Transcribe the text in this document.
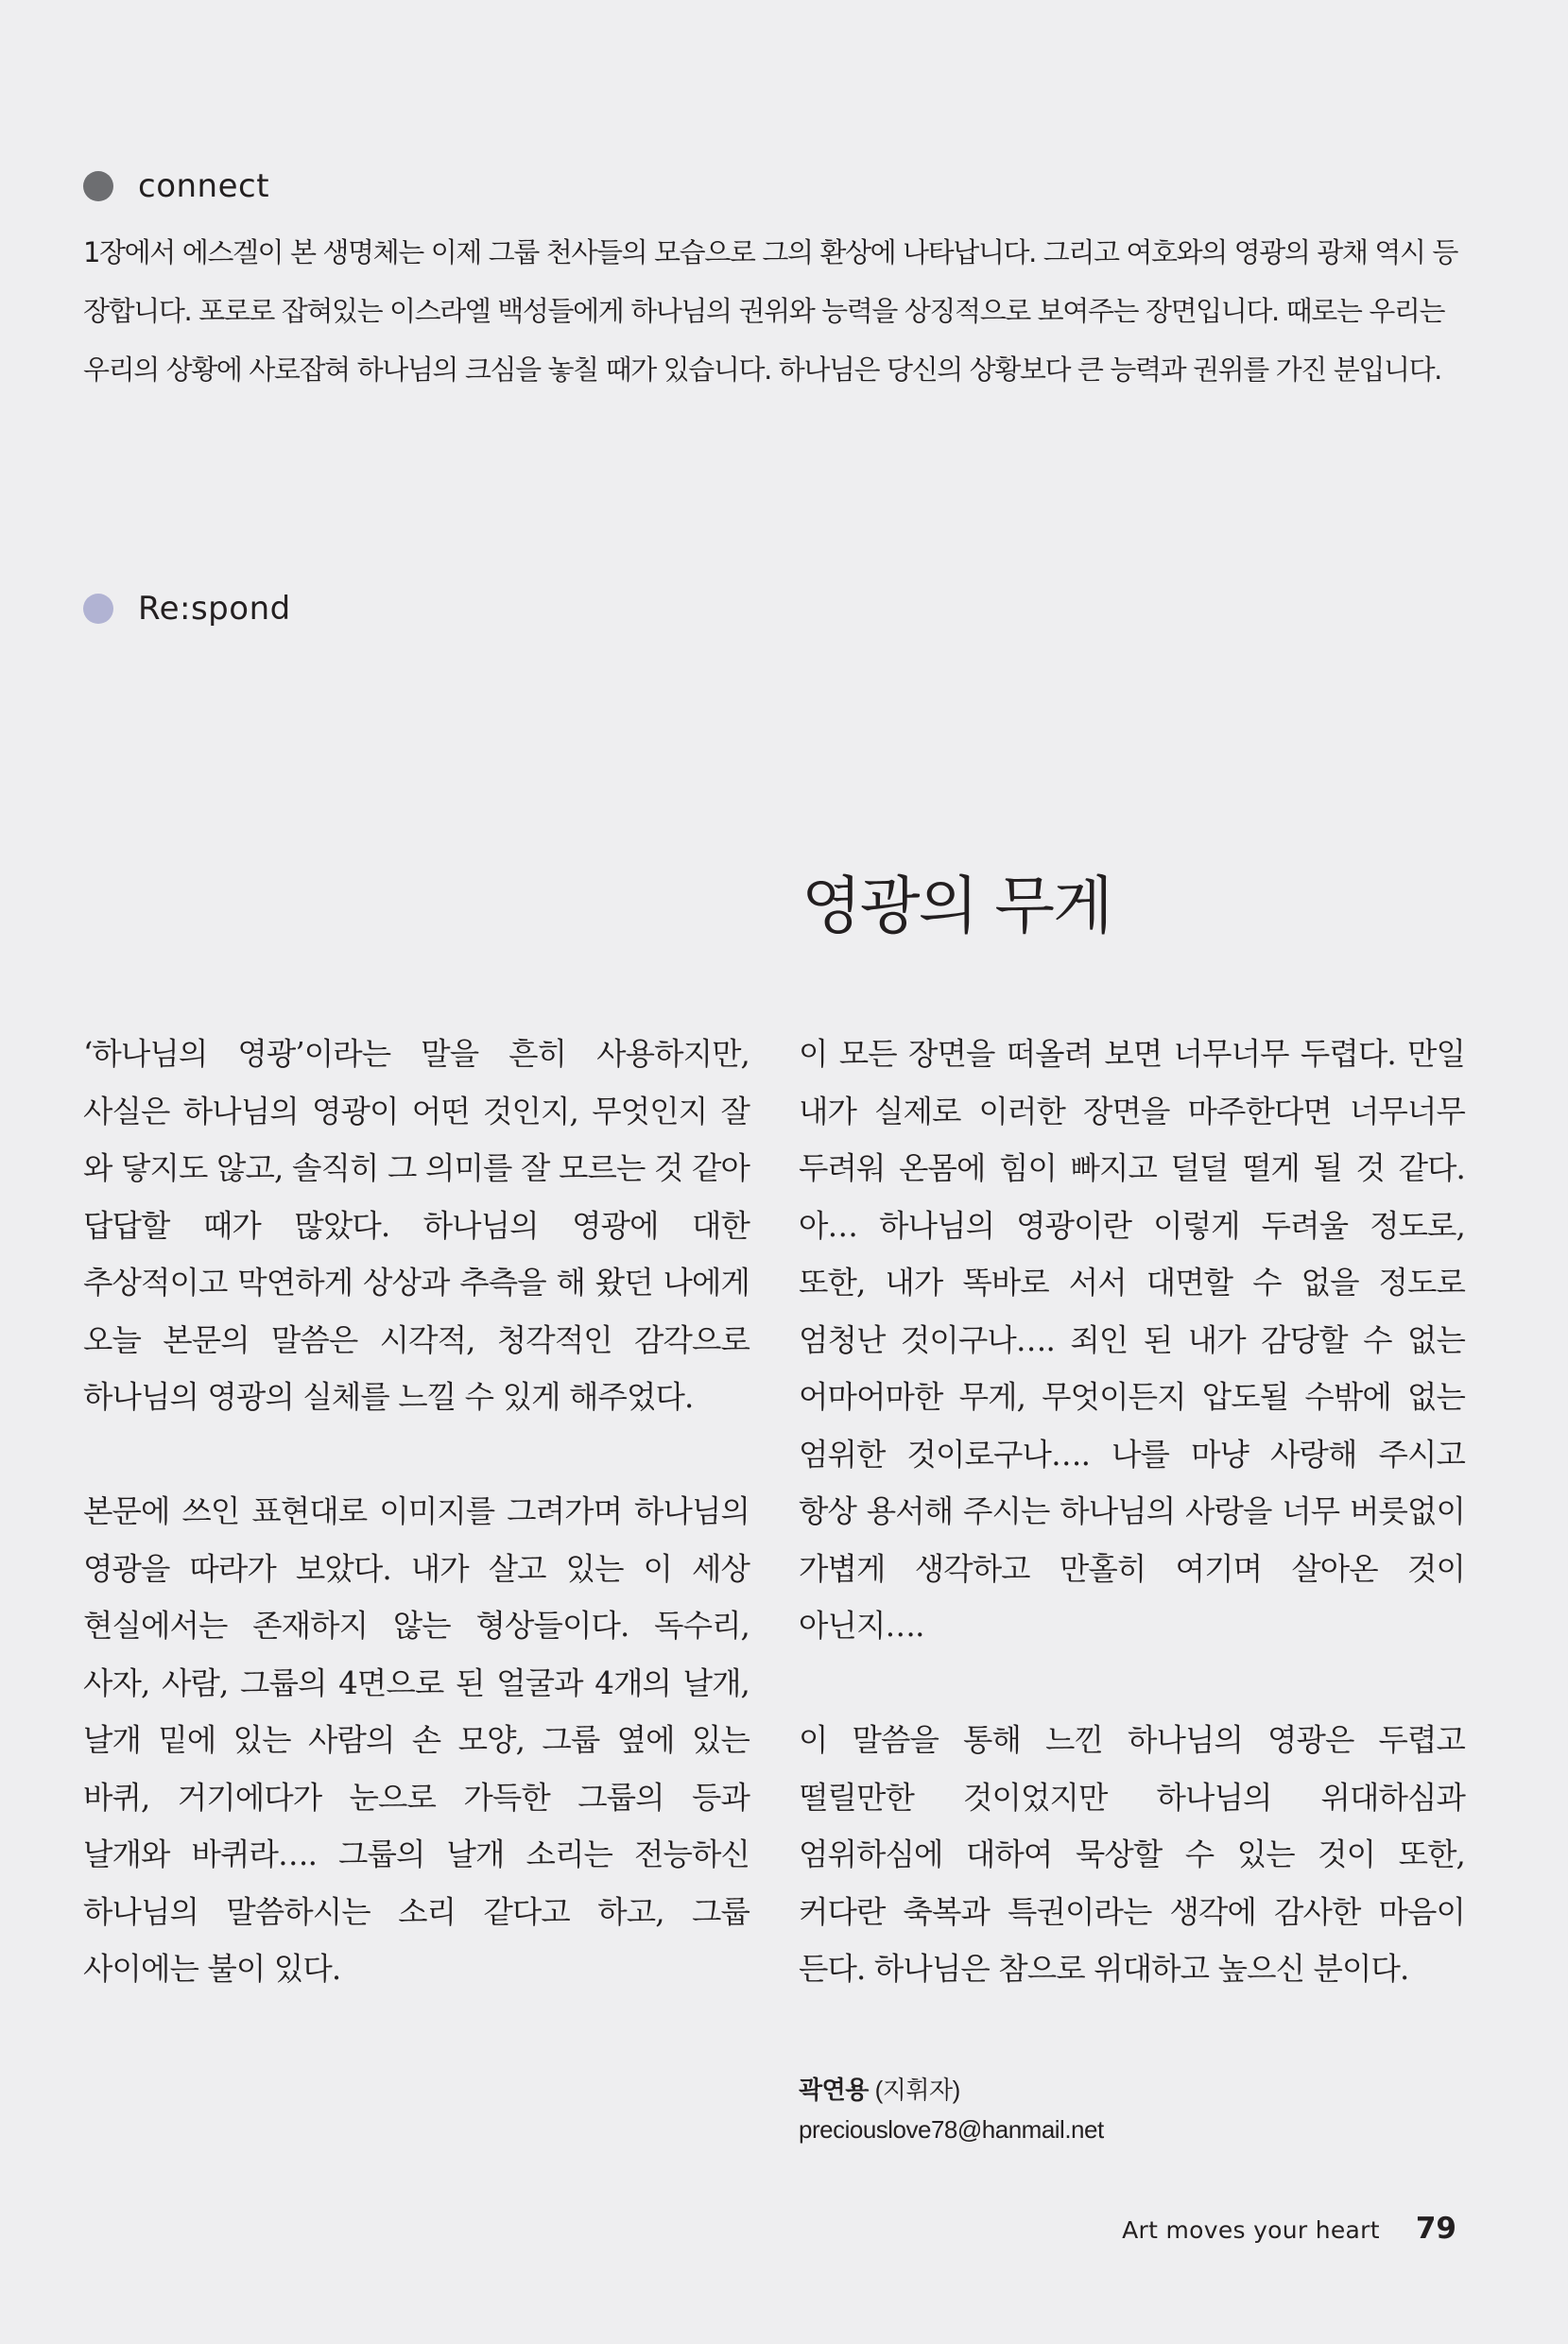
connect

1장에서 에스겔이 본 생명체는 이제 그룹 천사들의 모습으로 그의 환상에 나타납니다. 그리고 여호와의 영광의 광채 역시 등장합니다. 포로로 잡혀있는 이스라엘 백성들에게 하나님의 권위와 능력을 상징적으로 보여주는 장면입니다. 때로는 우리는 우리의 상황에 사로잡혀 하나님의 크심을 놓칠 때가 있습니다. 하나님은 당신의 상황보다 큰 능력과 권위를 가진 분입니다.

Re:spond
영광의 무게

‘하나님의 영광’이라는 말을 흔히 사용하지만, 사실은 하나님의 영광이 어떤 것인지, 무엇인지 잘 와 닿지도 않고, 솔직히 그 의미를 잘 모르는 것 같아 답답할 때가 많았다. 하나님의 영광에 대한 추상적이고 막연하게 상상과 추측을 해 왔던 나에게 오늘 본문의 말씀은 시각적, 청각적인 감각으로 하나님의 영광의 실체를 느낄 수 있게 해주었다.

본문에 쓰인 표현대로 이미지를 그려가며 하나님의 영광을 따라가 보았다. 내가 살고 있는 이 세상 현실에서는 존재하지 않는 형상들이다. 독수리, 사자, 사람, 그룹의 4면으로 된 얼굴과 4개의 날개, 날개 밑에 있는 사람의 손 모양, 그룹 옆에 있는 바퀴, 거기에다가 눈으로 가득한 그룹의 등과 날개와 바퀴라…. 그룹의 날개 소리는 전능하신 하나님의 말씀하시는 소리 같다고 하고, 그룹 사이에는 불이 있다.

이 모든 장면을 떠올려 보면 너무너무 두렵다. 만일 내가 실제로 이러한 장면을 마주한다면 너무너무 두려워 온몸에 힘이 빠지고 덜덜 떨게 될 것 같다. 아… 하나님의 영광이란 이렇게 두려울 정도로, 또한, 내가 똑바로 서서 대면할 수 없을 정도로 엄청난 것이구나…. 죄인 된 내가 감당할 수 없는 어마어마한 무게, 무엇이든지 압도될 수밖에 없는 엄위한 것이로구나…. 나를 마냥 사랑해 주시고 항상 용서해 주시는 하나님의 사랑을 너무 버릇없이 가볍게 생각하고 만홀히 여기며 살아온 것이 아닌지….

이 말씀을 통해 느낀 하나님의 영광은 두렵고 떨릴만한 것이었지만 하나님의 위대하심과 엄위하심에 대하여 묵상할 수 있는 것이 또한, 커다란 축복과 특권이라는 생각에 감사한 마음이 든다. 하나님은 참으로 위대하고 높으신 분이다.

곽연용 (지휘자)
preciouslove78@hanmail.net
Art moves your heart 79
